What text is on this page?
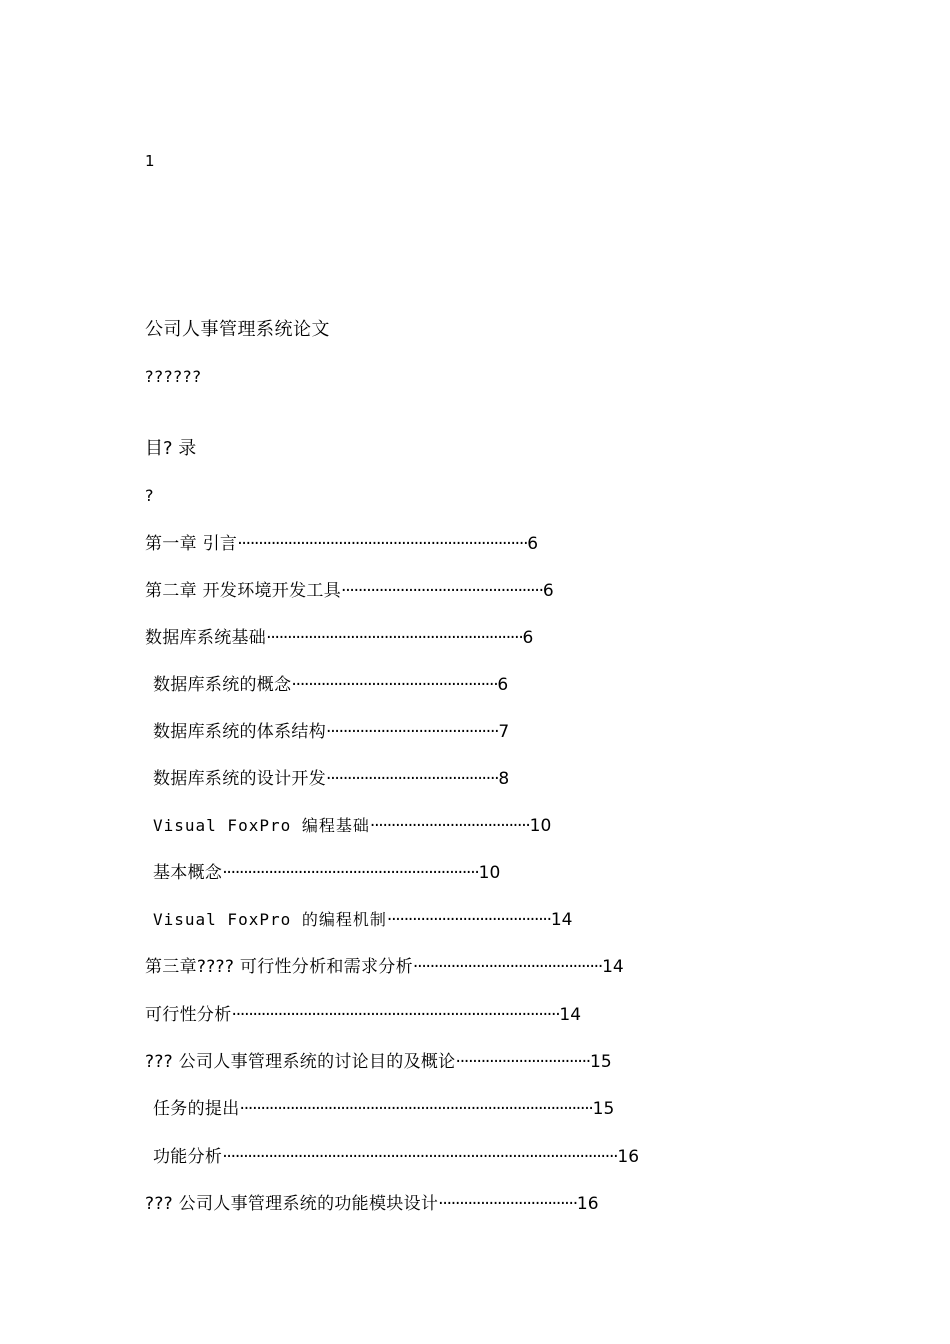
1
公司人事管理系统论文
??????
目? 录
?
第一章 引言·····································································6
第二章 开发环境开发工具················································6
数据库系统基础·····························································6
数据库系统的概念·················································6
数据库系统的体系结构·········································7
数据库系统的设计开发·········································8
Visual FoxPro 编程基础······································10
基本概念·····························································10
Visual FoxPro 的编程机制·······································14
第三章???? 可行性分析和需求分析·············································14
可行性分析··············································································14
??? 公司人事管理系统的讨论目的及概论································15
任务的提出····················································································15
功能分析······························································································16
??? 公司人事管理系统的功能模块设计·································16
